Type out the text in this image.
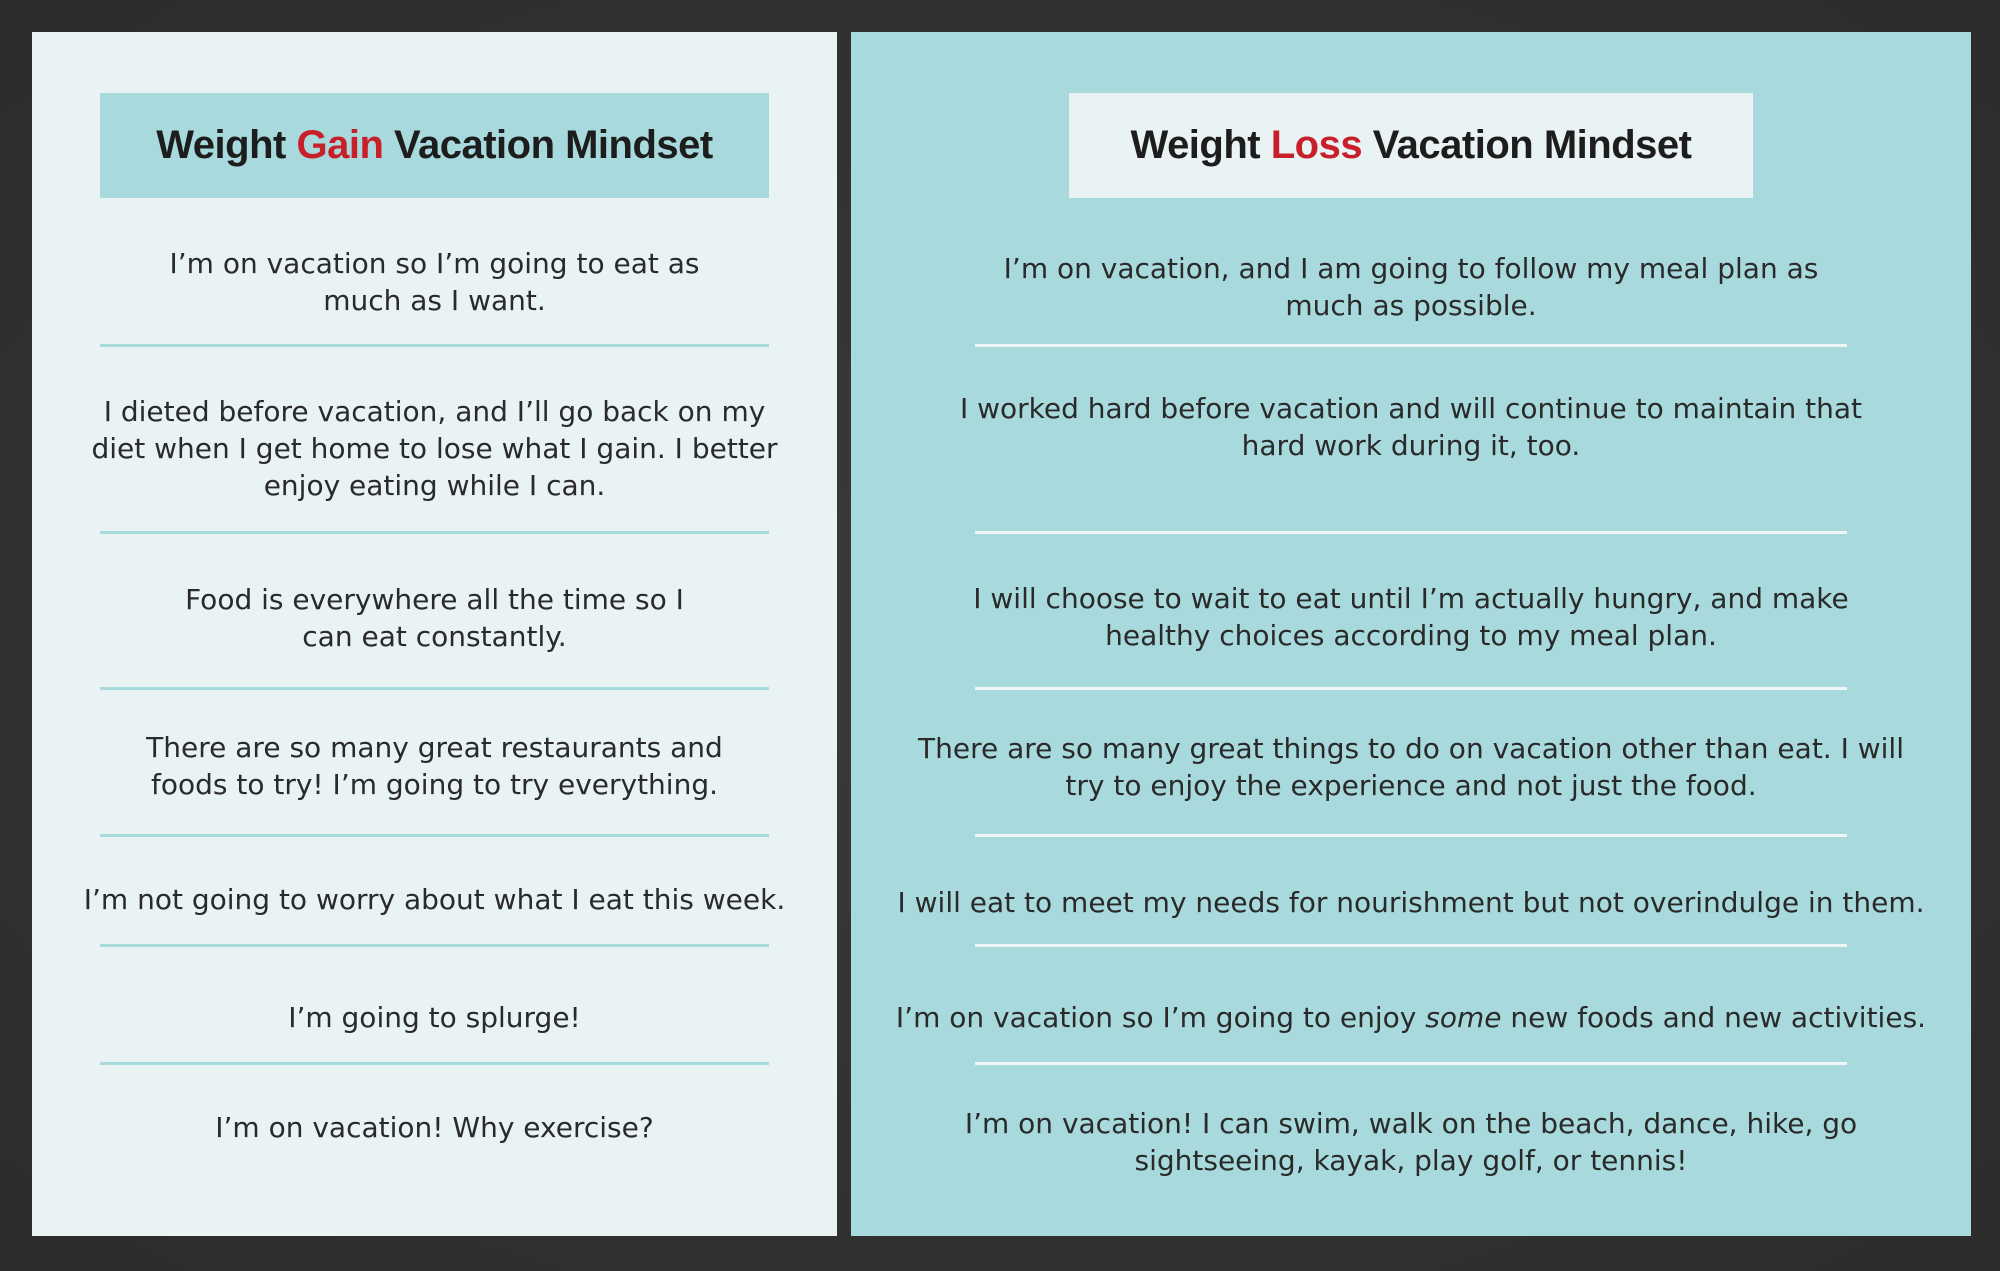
Weight Gain Vacation Mindset
I’m on vacation so I’m going to eat as
much as I want.
I dieted before vacation, and I’ll go back on my
diet when I get home to lose what I gain. I better
enjoy eating while I can.
Food is everywhere all the time so I
can eat constantly.
There are so many great restaurants and
foods to try! I’m going to try everything.
I’m not going to worry about what I eat this week.
I’m going to splurge!
I’m on vacation! Why exercise?
Weight Loss Vacation Mindset
I’m on vacation, and I am going to follow my meal plan as
much as possible.
I worked hard before vacation and will continue to maintain that
hard work during it, too.
I will choose to wait to eat until I’m actually hungry, and make
healthy choices according to my meal plan.
There are so many great things to do on vacation other than eat. I will
try to enjoy the experience and not just the food.
I will eat to meet my needs for nourishment but not overindulge in them.
I’m on vacation so I’m going to enjoy some new foods and new activities.
I’m on vacation! I can swim, walk on the beach, dance, hike, go
sightseeing, kayak, play golf, or tennis!
